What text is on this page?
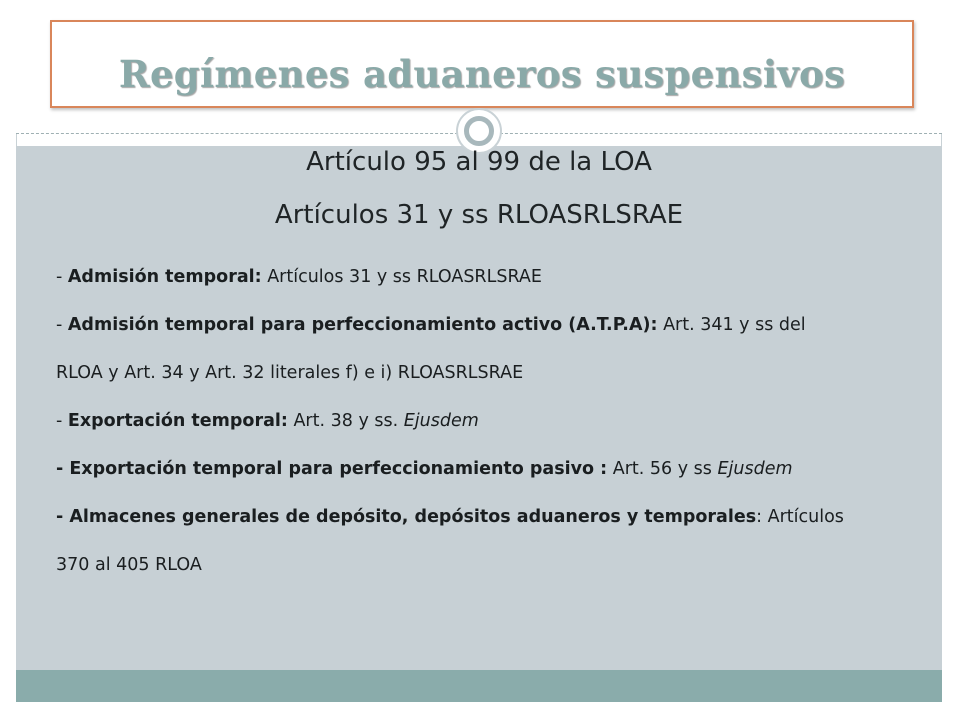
Regímenes aduaneros suspensivos
Artículo 95 al 99 de la LOA
Artículos 31 y ss RLOASRLSRAE
- Admisión temporal: Artículos 31 y ss RLOASRLSRAE
- Admisión temporal para perfeccionamiento activo (A.T.P.A): Art. 341 y ss del
RLOA y Art. 34 y Art. 32 literales f) e i) RLOASRLSRAE
- Exportación temporal: Art. 38 y ss. Ejusdem
- Exportación temporal para perfeccionamiento pasivo : Art. 56 y ss Ejusdem
- Almacenes generales de depósito, depósitos aduaneros y temporales: Artículos
370 al 405 RLOA
